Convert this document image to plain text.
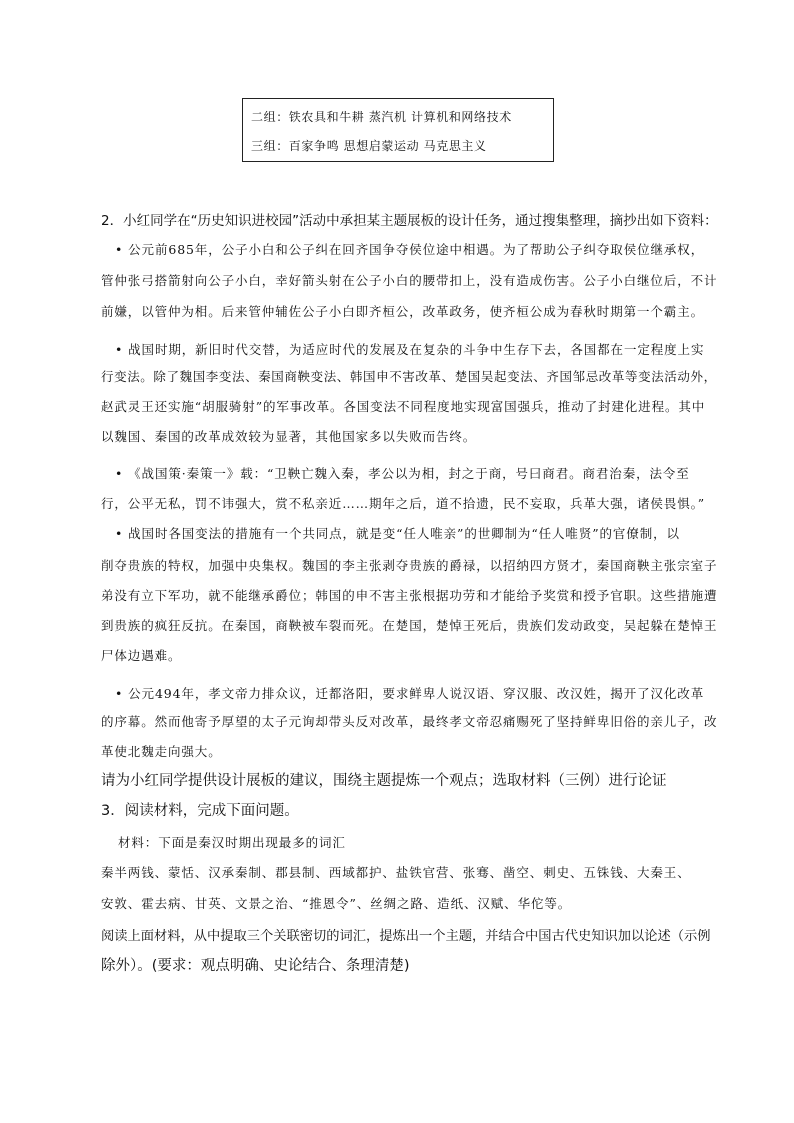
二组：铁农具和牛耕 蒸汽机 计算机和网络技术
三组：百家争鸣 思想启蒙运动 马克思主义
2．小红同学在“历史知识进校园”活动中承担某主题展板的设计任务，通过搜集整理，摘抄出如下资料：
• 公元前685年，公子小白和公子纠在回齐国争夺侯位途中相遇。为了帮助公子纠夺取侯位继承权，
管仲张弓搭箭射向公子小白，幸好箭头射在公子小白的腰带扣上，没有造成伤害。公子小白继位后，不计
前嫌，以管仲为相。后来管仲辅佐公子小白即齐桓公，改革政务，使齐桓公成为春秋时期第一个霸主。
• 战国时期，新旧时代交替，为适应时代的发展及在复杂的斗争中生存下去，各国都在一定程度上实
行变法。除了魏国李变法、秦国商鞅变法、韩国申不害改革、楚国吴起变法、齐国邹忌改革等变法活动外，
赵武灵王还实施“胡服骑射”的军事改革。各国变法不同程度地实现富国强兵，推动了封建化进程。其中
以魏国、秦国的改革成效较为显著，其他国家多以失败而告终。
• 《战国策·秦策一》载：“卫鞅亡魏入秦，孝公以为相，封之于商，号曰商君。商君治秦，法令至
行，公平无私，罚不讳强大，赏不私亲近……期年之后，道不拾遗，民不妄取，兵革大强，诸侯畏惧。”
• 战国时各国变法的措施有一个共同点，就是变“任人唯亲”的世卿制为“任人唯贤”的官僚制，以
削夺贵族的特权，加强中央集权。魏国的李主张剥夺贵族的爵禄，以招纳四方贤才，秦国商鞅主张宗室子
弟没有立下军功，就不能继承爵位；韩国的申不害主张根据功劳和才能给予奖赏和授予官职。这些措施遭
到贵族的疯狂反抗。在秦国，商鞅被车裂而死。在楚国，楚悼王死后，贵族们发动政变，吴起躲在楚悼王
尸体边遇难。
• 公元494年，孝文帝力排众议，迁都洛阳，要求鲜卑人说汉语、穿汉服、改汉姓，揭开了汉化改革
的序幕。然而他寄予厚望的太子元询却带头反对改革，最终孝文帝忍痛赐死了坚持鲜卑旧俗的亲儿子，改
革使北魏走向强大。
请为小红同学提供设计展板的建议，围绕主题提炼一个观点；选取材料（三例）进行论证
3．阅读材料，完成下面问题。
材料：下面是秦汉时期出现最多的词汇
秦半两钱、蒙恬、汉承秦制、郡县制、西域都护、盐铁官营、张骞、凿空、刺史、五铢钱、大秦王、
安敦、霍去病、甘英、文景之治、“推恩令”、丝绸之路、造纸、汉赋、华佗等。
阅读上面材料，从中提取三个关联密切的词汇，提炼出一个主题，并结合中国古代史知识加以论述（示例
除外）。(要求：观点明确、史论结合、条理清楚)
